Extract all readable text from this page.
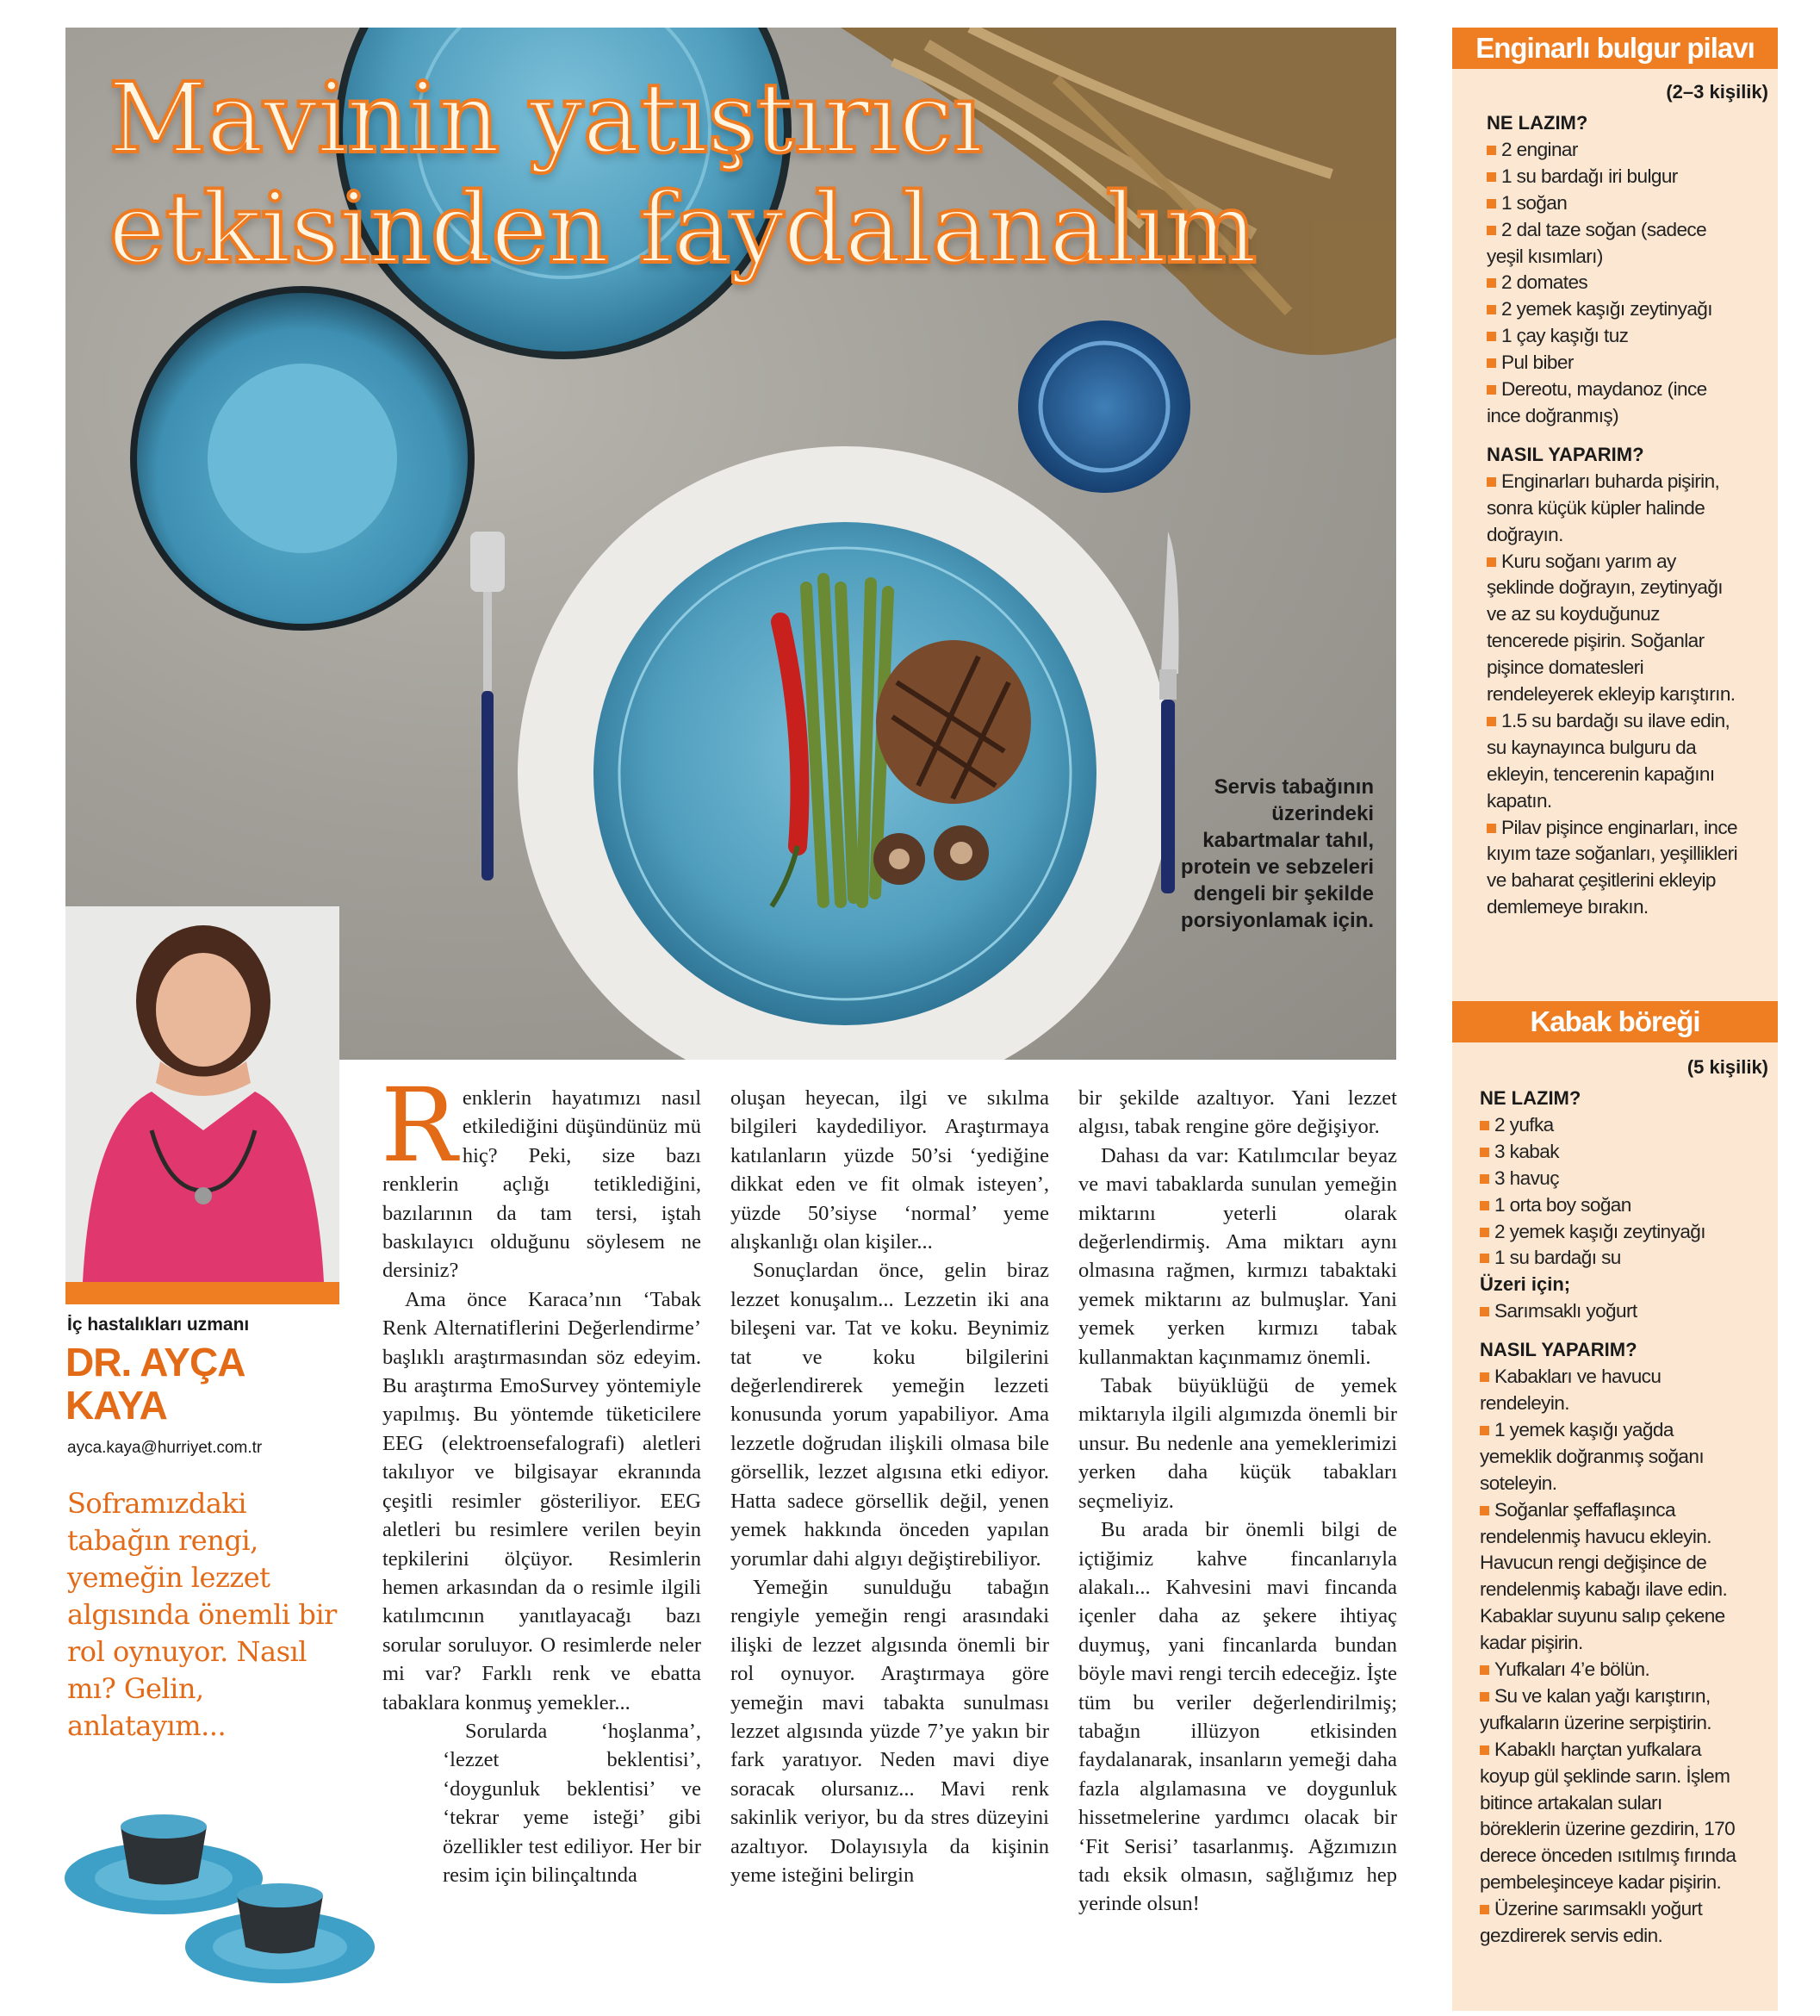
Mavinin yatıştırıcı
etkisinden faydalanalım

Servis tabağının üzerindeki kabartmalar tahıl, protein ve sebzeleri dengeli bir şekilde porsiyonlamak için.

İç hastalıkları uzmanı

DR. AYÇA KAYA

ayca.kaya@hurriyet.com.tr

Soframızdaki tabağın rengi, yemeğin lezzet algısında önemli bir rol oynuyor. Nasıl mı? Gelin, anlatayım...

Renklerin hayatımızı nasıl etkilediğini düşündünüz mü hiç? Peki, size bazı renklerin açlığı tetiklediğini, bazılarının da tam tersi, iştah baskılayıcı olduğunu söylesem ne dersiniz?

Ama önce Karaca’nın ‘Tabak Renk Alternatiflerini Değerlendirme’ başlıklı araştırmasından söz edeyim. Bu araştırma EmoSurvey yöntemiyle yapılmış. Bu yöntemde tüketicilere EEG (elektroensefalografi) aletleri takılıyor ve bilgisayar ekranında çeşitli resimler gösteriliyor. EEG aletleri bu resimlere verilen beyin tepkilerini ölçüyor. Resimlerin hemen arkasından da o resimle ilgili katılımcının yanıtlayacağı bazı sorular soruluyor. O resimlerde neler mi var? Farklı renk ve ebatta tabaklara konmuş yemekler...

Sorularda ‘hoşlanma’, ‘lezzet beklentisi’, ‘doygunluk beklentisi’ ve ‘tekrar yeme isteği’ gibi özellikler test ediliyor. Her bir resim için bilinçaltında

oluşan heyecan, ilgi ve sıkılma bilgileri kaydediliyor. Araştırmaya katılanların yüzde 50’si ‘yediğine dikkat eden ve fit olmak isteyen’, yüzde 50’siyse ‘normal’ yeme alışkanlığı olan kişiler...

Sonuçlardan önce, gelin biraz lezzet konuşalım... Lezzetin iki ana bileşeni var. Tat ve koku. Beynimiz tat ve koku bilgilerini değerlendirerek yemeğin lezzeti konusunda yorum yapabiliyor. Ama lezzetle doğrudan ilişkili olmasa bile görsellik, lezzet algısına etki ediyor. Hatta sadece görsellik değil, yenen yemek hakkında önceden yapılan yorumlar dahi algıyı değiştirebiliyor.

Yemeğin sunulduğu tabağın rengiyle yemeğin rengi arasındaki ilişki de lezzet algısında önemli bir rol oynuyor. Araştırmaya göre yemeğin mavi tabakta sunulması lezzet algısında yüzde 7’ye yakın bir fark yaratıyor. Neden mavi diye soracak olursanız... Mavi renk sakinlik veriyor, bu da stres düzeyini azaltıyor. Dolayısıyla da kişinin yeme isteğini belirgin

bir şekilde azaltıyor. Yani lezzet algısı, tabak rengine göre değişiyor.

Dahası da var: Katılımcılar beyaz ve mavi tabaklarda sunulan yemeğin miktarını yeterli olarak değerlendirmiş. Ama miktarı aynı olmasına rağmen, kırmızı tabaktaki yemek miktarını az bulmuşlar. Yani yemek yerken kırmızı tabak kullanmaktan kaçınmamız önemli.

Tabak büyüklüğü de yemek miktarıyla ilgili algımızda önemli bir unsur. Bu nedenle ana yemeklerimizi yerken daha küçük tabakları seçmeliyiz.

Bu arada bir önemli bilgi de içtiğimiz kahve fincanlarıyla alakalı... Kahvesini mavi fincanda içenler daha az şekere ihtiyaç duymuş, yani fincanlarda bundan böyle mavi rengi tercih edeceğiz. İşte tüm bu veriler değerlendirilmiş; tabağın illüzyon etkisinden faydalanarak, insanların yemeği daha fazla algılamasına ve doygunluk hissetmelerine yardımcı olacak bir ‘Fit Serisi’ tasarlanmış. Ağzımızın tadı eksik olmasın, sağlığımız hep yerinde olsun!

Enginarlı bulgur pilavı

(2–3 kişilik)

NE LAZIM?

2 enginar

1 su bardağı iri bulgur

1 soğan

2 dal taze soğan (sadece yeşil kısımları)

2 domates

2 yemek kaşığı zeytinyağı

1 çay kaşığı tuz

Pul biber

Dereotu, maydanoz (ince ince doğranmış)

NASIL YAPARIM?

Enginarları buharda pişirin, sonra küçük küpler halinde doğrayın.

Kuru soğanı yarım ay şeklinde doğrayın, zeytinyağı ve az su koyduğunuz tencerede pişirin. Soğanlar pişince domatesleri rendeleyerek ekleyip karıştırın.

1.5 su bardağı su ilave edin, su kaynayınca bulguru da ekleyin, tencerenin kapağını kapatın.

Pilav pişince enginarları, ince kıyım taze soğanları, yeşillikleri ve baharat çeşitlerini ekleyip demlemeye bırakın.

Kabak böreği

(5 kişilik)

NE LAZIM?

2 yufka

3 kabak

3 havuç

1 orta boy soğan

2 yemek kaşığı zeytinyağı

1 su bardağı su

Üzeri için;

Sarımsaklı yoğurt

NASIL YAPARIM?

Kabakları ve havucu rendeleyin.

1 yemek kaşığı yağda yemeklik doğranmış soğanı soteleyin.

Soğanlar şeffaflaşınca rendelenmiş havucu ekleyin. Havucun rengi değişince de rendelenmiş kabağı ilave edin. Kabaklar suyunu salıp çekene kadar pişirin.

Yufkaları 4’e bölün.

Su ve kalan yağı karıştırın, yufkaların üzerine serpiştirin.

Kabaklı harçtan yufkalara koyup gül şeklinde sarın. İşlem bitince artakalan suları böreklerin üzerine gezdirin, 170 derece önceden ısıtılmış fırında pembeleşinceye kadar pişirin.

Üzerine sarımsaklı yoğurt gezdirerek servis edin.
